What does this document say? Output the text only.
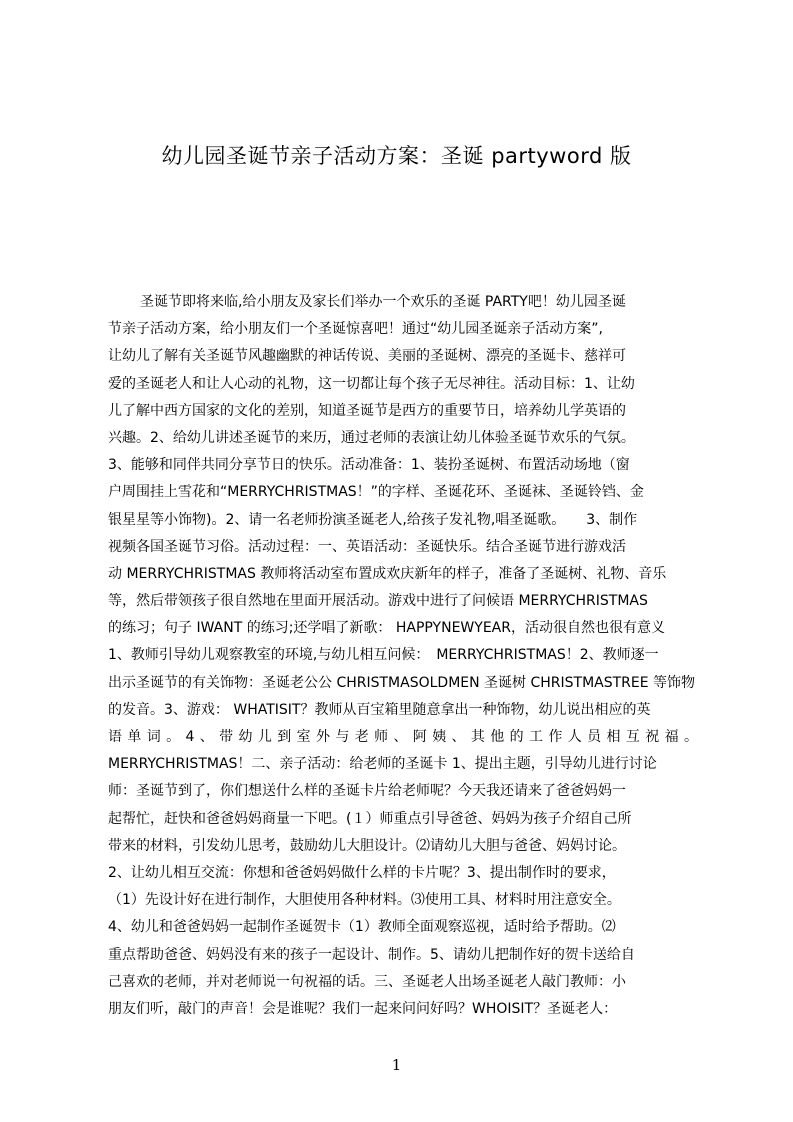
幼儿园圣诞节亲子活动方案：圣诞 partyword 版
圣诞节即将来临,给小朋友及家长们举办一个欢乐的圣诞 PARTY吧！幼儿园圣诞
节亲子活动方案，给小朋友们一个圣诞惊喜吧！通过“幼儿园圣诞亲子活动方案”,
让幼儿了解有关圣诞节风趣幽默的神话传说、美丽的圣诞树、漂亮的圣诞卡、慈祥可
爱的圣诞老人和让人心动的礼物，这一切都让每个孩子无尽神往。活动目标：1、让幼
儿了解中西方国家的文化的差别，知道圣诞节是西方的重要节日，培养幼儿学英语的
兴趣。2、给幼儿讲述圣诞节的来历，通过老师的表演让幼儿体验圣诞节欢乐的气氛。
3、能够和同伴共同分享节日的快乐。活动准备：1、装扮圣诞树、布置活动场地（窗
户周围挂上雪花和“MERRYCHRISTMAS！”的字样、圣诞花环、圣诞袜、圣诞铃铛、金
银星星等小饰物)。2、请一名老师扮演圣诞老人,给孩子发礼物,唱圣诞歌。　　3、制作
视频各国圣诞节习俗。活动过程：一、英语活动：圣诞快乐。结合圣诞节进行游戏活
动 MERRYCHRISTMAS 教师将活动室布置成欢庆新年的样子，准备了圣诞树、礼物、音乐
等，然后带领孩子很自然地在里面开展活动。游戏中进行了问候语 MERRYCHRISTMAS
的练习；句子 IWANT 的练习;还学唱了新歌： HAPPYNEWYEAR，活动很自然也很有意义
1、教师引导幼儿观察教室的环境,与幼儿相互问候：　MERRYCHRISTMAS！2、教师逐一
出示圣诞节的有关饰物：圣诞老公公 CHRISTMASOLDMEN 圣诞树 CHRISTMASTREE 等饰物
的发音。3、游戏： WHATISIT？教师从百宝箱里随意拿出一种饰物，幼儿说出相应的英
语单词。4、带幼儿到室外与老师、阿姨、其他的工作人员相互祝福。
MERRYCHRISTMAS！二、亲子活动：给老师的圣诞卡 1、提出主题，引导幼儿进行讨论
师：圣诞节到了，你们想送什么样的圣诞卡片给老师呢？今天我还请来了爸爸妈妈一
起帮忙，赶快和爸爸妈妈商量一下吧。(１）师重点引导爸爸、妈妈为孩子介绍自己所
带来的材料，引发幼儿思考，鼓励幼儿大胆设计。⑵请幼儿大胆与爸爸、妈妈讨论。
2、让幼儿相互交流：你想和爸爸妈妈做什么样的卡片呢？3、提出制作时的要求，
（1）先设计好在进行制作，大胆使用各种材料。⑶使用工具、材料时用注意安全。
4、幼儿和爸爸妈妈一起制作圣诞贺卡（1）教师全面观察巡视，适时给予帮助。⑵
重点帮助爸爸、妈妈没有来的孩子一起设计、制作。5、请幼儿把制作好的贺卡送给自
己喜欢的老师，并对老师说一句祝福的话。三、圣诞老人出场圣诞老人敲门教师：小
朋友们听，敲门的声音！会是谁呢？我们一起来问问好吗？WHOISIT？圣诞老人：
1
